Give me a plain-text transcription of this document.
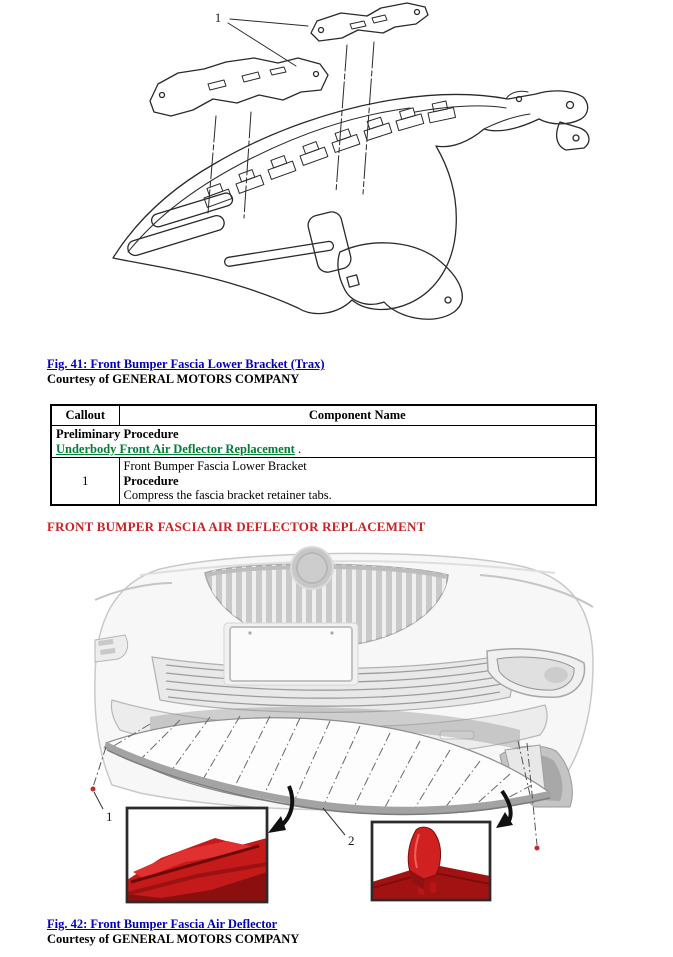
1
Fig. 41: Front Bumper Fascia Lower Bracket (Trax)
Courtesy of GENERAL MOTORS COMPANY
Callout	Component Name

Preliminary Procedure
Underbody Front Air Deflector Replacement .	

1	Front Bumper Fascia Lower Bracket
Procedure
Compress the fascia bracket retainer tabs.
FRONT BUMPER FASCIA AIR DEFLECTOR REPLACEMENT
1
2
Fig. 42: Front Bumper Fascia Air Deflector
Courtesy of GENERAL MOTORS COMPANY
